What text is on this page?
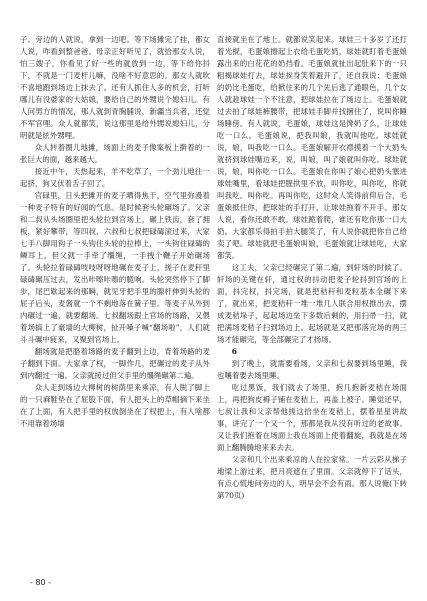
子。旁边的人就说，拿到一边吧。等下场摊完了挂，都女人说，咋看到整爸爸。母亲正好听见了，就拾那女人说，怕三嫂子，你看见了好一些的就放到一边，等下给你抖下，不就是一门麦杆儿嘛，没啥不好意思的。那女人就吹不喜地跑到场边上抹去了。还有人抓住人多的机会，打听哪儿有没婆家的大姑娘，要给自己的外甥说个媳妇儿。有人问男方的情况，那人就到青胸脯说，新疆当兵者，还觉不军官哩。众人就都笑，说这那里是给外甥说媳妇儿，分明就是炫外甥哩。

众人转着圈儿地摊，场面上的麦子像案板上擀着的一张巨大的面，越来越大。

接近中午，天热起来，羊不吃草了，一个劲儿地往一起挤，狗又伏着舌子回了。

官碌里，日头把摊开的麦子晒得焦干，空气里弥漫着一种麦子特有的好闻的气息。是时候套头轮碾场了。父亲和二叔从头场圈里把头轮拉到官场上，碾上铁齿，套了拥板，紧好攀带，等四叔、六叔和七叔把碌碡滚过来，大家七手八脚用钩子一头钩住头轮的拉棒上，一头钩住碌碡的鳞耳上。但父就一手牵了缰绳，一手拽个鞭子开始碾场了。头轮拉着碌碡吱吱呀呀地碾在麦子上，搓子在麦秆里碌碡碾压过去，发出咔嚓咔嚓的脆响。头轮突然停下了脚步，尾巴歇起来的那瞬，就见牙把手里的腺杆伸到头轮的屁子后头，麦酱就一个不剩地落在簧子里。等麦子从外到内碾过一遍，就要翻场。七叔翻场跟上官场的场路，又偎着场搞上了豪墙的大柳树，扯开嗓子喊“翻场啦”，人们就斗斗碾中疲来，又聚到官场上。

翻场就是把胳着场路的麦子翻到上边，背着场路的麦子翻到下面。大家拿了权，一脚作几，把碾过的麦子从外到内翻过一遍。父亲就接过但父手里的缰绳碾第二遍。

众人走到场边大柳树的树荫里来乘凉，有人脱了脚上的一只麻鞋垫在了屁股下面，有人把头上的草帽摘下来坐在了上面，有人把手里的权放倒坐在了权把上，有人啥都不用靠着场墙

直接就坐在了地上。就都说笑起来。球娃三十多岁了还打着光棍，毛蛋娘擦起上衣给毛蛋吃奶，球娃就盯着毛蛋娘露出来的白花花的奶挡看。毛蛋娘就扯出起肚来下的一只粗褐球娃打去，球娃挨身笑着避开了，还自我说；毛蛋娘的奶比毛蛋吃，给掀住来的几个先后逃了通眼色，几个女人就趁球娃一个不注意，把球娃拉在了场边上。毛蛋娘就过去拍了球娃裤腰带，把球娃手脚并找捆住了，说叫你睡场睡傍。有人就说，毛蛋娘，球娃这是馋奶了么，让球娃吃一口么。毛蛋娘说，把我叫娘，我就叫他吃。球娃就说，娘，叫我吃一口么。毛蛋娘解开衣襟摸着一个大奶头就挤到球娃嘴边来，说，叫娘，叫了娘就叫你吃。球娃就说，娘，叫你吃一口么。毛蛋娘在你叫了娘心把奶头塞进球娃嘴里，看球娃把腥拱里不放，叫你吃，叫你吃，你就叫我吃。叫你吃。再叫你吃，这时众人笑得前仰后合，毛蛋娘抵住你，把球娃的手打开，让球娃拖着不开手。那女人说，看你还敢不敢。球娃跪着爬，谁还有吃你那一口大奶。大家都乐得拍手拍大腿笑了，有人说你就把你自己给卖了吧。球娃就把毛蛋娘叫娘，毛蛋娘就让球娃吃，大家都笑。

这工夫，父亲已经碾完了第二遍，到轩场的时候了。轩场的关键在轩，通过权的抖动把麦子轮抖到官场的上面，抖完权，抖完场，就是把秸秆和麦粒基本全碾下来了，就出来，把麦秸秆一堆一堆几人联合用权推出去，摆成麦秸垛子，起起场边垒下多数后剩的，用扫帚一扫，就把满场麦秸子扫到场边上。起场就是又把那落完场的两三场才能碾完，等全部碾完了才扬场。

6

到了晚上，就需要看场，父亲和七叔要到场里睡，我也嚷着要去场里睡。

吃过黑饭，我们就去了场里，抱几抱新麦秸在场面上，再把狗皮褥子铺在麦秸上，再盖上被子。睡觉还早，七叔让我和父亲帮他搓这拾坐在麦秸上，摆着星星讲故事，讲完了一个又一个，那都是我从没有听过的老故事。又让我们抱着在场面上我在场面上使着翻旋，我就是在场面上翻腾腾地来来去去。

父亲和几个出来乘凉的人在拉家常。一片云彩从梯子地梁上游过来，把月亮遮在了里面。父亲就停下了话头，有点心慌地问旁边的人，明早会不会有雨。那人说俺(下转第70页)

- 80 -
